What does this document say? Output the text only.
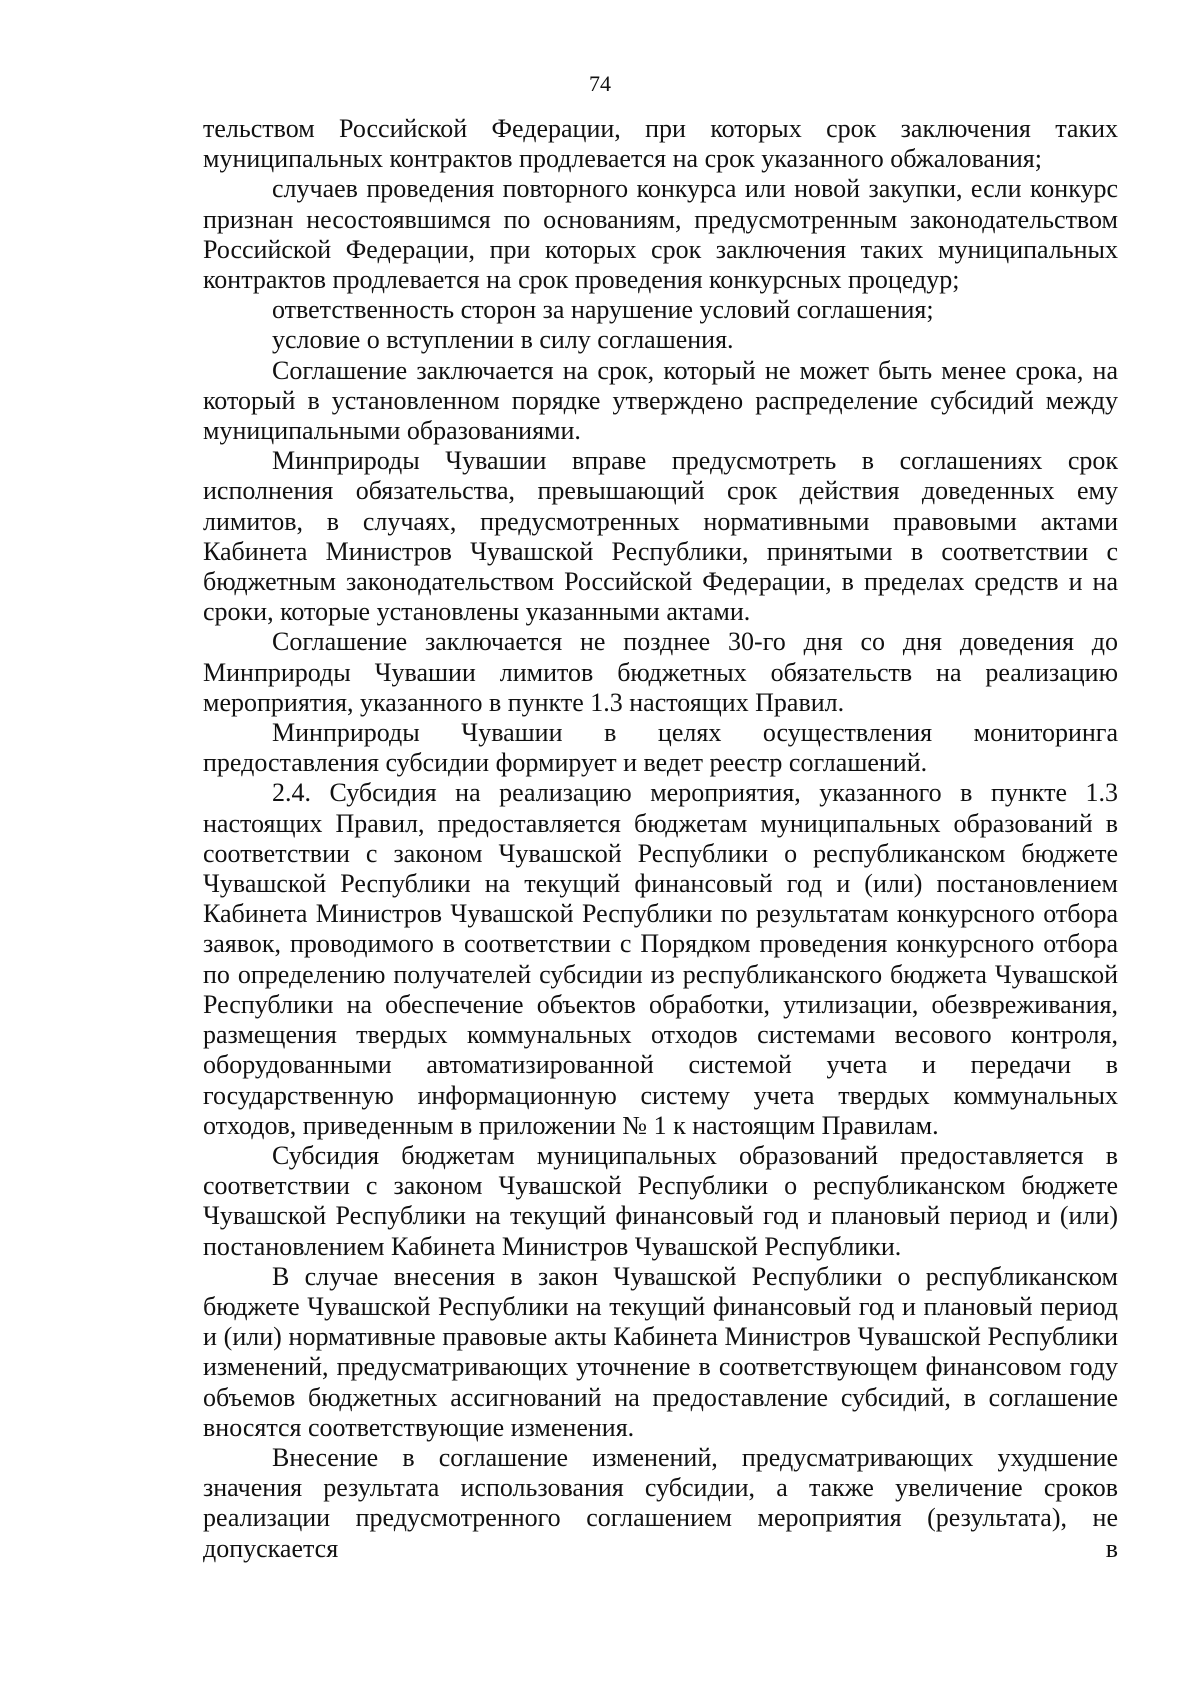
74

тельством Российской Федерации, при которых срок заключения таких муниципальных контрактов продлевается на срок указанного обжалования;

случаев проведения повторного конкурса или новой закупки, если конкурс признан несостоявшимся по основаниям, предусмотренным законодательством Российской Федерации, при которых срок заключения таких муниципальных контрактов продлевается на срок проведения конкурсных процедур;

ответственность сторон за нарушение условий соглашения;

условие о вступлении в силу соглашения.

Соглашение заключается на срок, который не может быть менее срока, на который в установленном порядке утверждено распределение субсидий между муниципальными образованиями.

Минприроды Чувашии вправе предусмотреть в соглашениях срок исполнения обязательства, превышающий срок действия доведенных ему лимитов, в случаях, предусмотренных нормативными правовыми актами Кабинета Министров Чувашской Республики, принятыми в соответствии с бюджетным законодательством Российской Федерации, в пределах средств и на сроки, которые установлены указанными актами.

Соглашение заключается не позднее 30-го дня со дня доведения до Минприроды Чувашии лимитов бюджетных обязательств на реализацию мероприятия, указанного в пункте 1.3 настоящих Правил.

Минприроды Чувашии в целях осуществления мониторинга предоставления субсидии формирует и ведет реестр соглашений.

2.4. Субсидия на реализацию мероприятия, указанного в пункте 1.3 настоящих Правил, предоставляется бюджетам муниципальных образований в соответствии с законом Чувашской Республики о республиканском бюджете Чувашской Республики на текущий финансовый год и (или) постановлением Кабинета Министров Чувашской Республики по результатам конкурсного отбора заявок, проводимого в соответствии с Порядком проведения конкурсного отбора по определению получателей субсидии из республиканского бюджета Чувашской Республики на обеспечение объектов обработки, утилизации, обезвреживания, размещения твердых коммунальных отходов системами весового контроля, оборудованными автоматизированной системой учета и передачи в государственную информационную систему учета твердых коммунальных отходов, приведенным в приложении № 1 к настоящим Правилам.

Субсидия бюджетам муниципальных образований предоставляется в соответствии с законом Чувашской Республики о республиканском бюджете Чувашской Республики на текущий финансовый год и плановый период и (или) постановлением Кабинета Министров Чувашской Республики.

В случае внесения в закон Чувашской Республики о республиканском бюджете Чувашской Республики на текущий финансовый год и плановый период и (или) нормативные правовые акты Кабинета Министров Чувашской Республики изменений, предусматривающих уточнение в соответствующем финансовом году объемов бюджетных ассигнований на предоставление субсидий, в соглашение вносятся соответствующие изменения.

Внесение в соглашение изменений, предусматривающих ухудшение значения результата использования субсидии, а также увеличение сроков реализации предусмотренного соглашением мероприятия (результата), не допускается в
